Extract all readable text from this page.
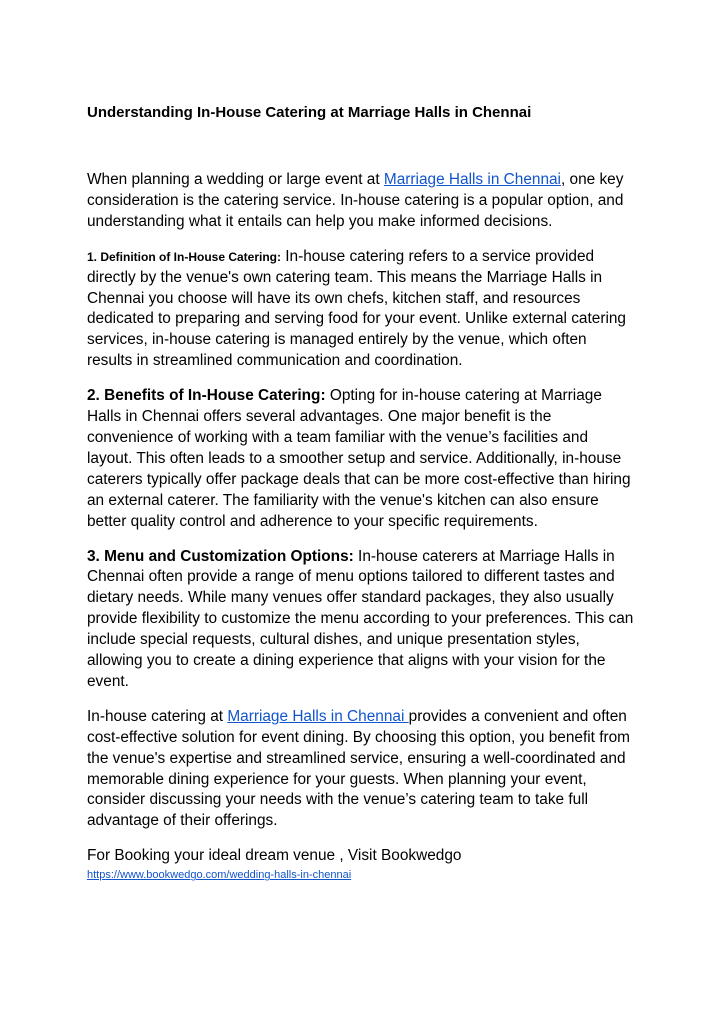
Understanding In-House Catering at Marriage Halls in Chennai

When planning a wedding or large event at Marriage Halls in Chennai, one key consideration is the catering service. In-house catering is a popular option, and understanding what it entails can help you make informed decisions.

1. Definition of In-House Catering: In-house catering refers to a service provided directly by the venue's own catering team. This means the Marriage Halls in Chennai you choose will have its own chefs, kitchen staff, and resources dedicated to preparing and serving food for your event. Unlike external catering services, in-house catering is managed entirely by the venue, which often results in streamlined communication and coordination.

2. Benefits of In-House Catering: Opting for in-house catering at Marriage Halls in Chennai offers several advantages. One major benefit is the convenience of working with a team familiar with the venue’s facilities and layout. This often leads to a smoother setup and service. Additionally, in-house caterers typically offer package deals that can be more cost-effective than hiring an external caterer. The familiarity with the venue's kitchen can also ensure better quality control and adherence to your specific requirements.

3. Menu and Customization Options: In-house caterers at Marriage Halls in Chennai often provide a range of menu options tailored to different tastes and dietary needs. While many venues offer standard packages, they also usually provide flexibility to customize the menu according to your preferences. This can include special requests, cultural dishes, and unique presentation styles, allowing you to create a dining experience that aligns with your vision for the event.

In-house catering at Marriage Halls in Chennai provides a convenient and often cost-effective solution for event dining. By choosing this option, you benefit from the venue's expertise and streamlined service, ensuring a well-coordinated and memorable dining experience for your guests. When planning your event, consider discussing your needs with the venue’s catering team to take full advantage of their offerings.

For Booking your ideal dream venue , Visit Bookwedgo

https://www.bookwedgo.com/wedding-halls-in-chennai
